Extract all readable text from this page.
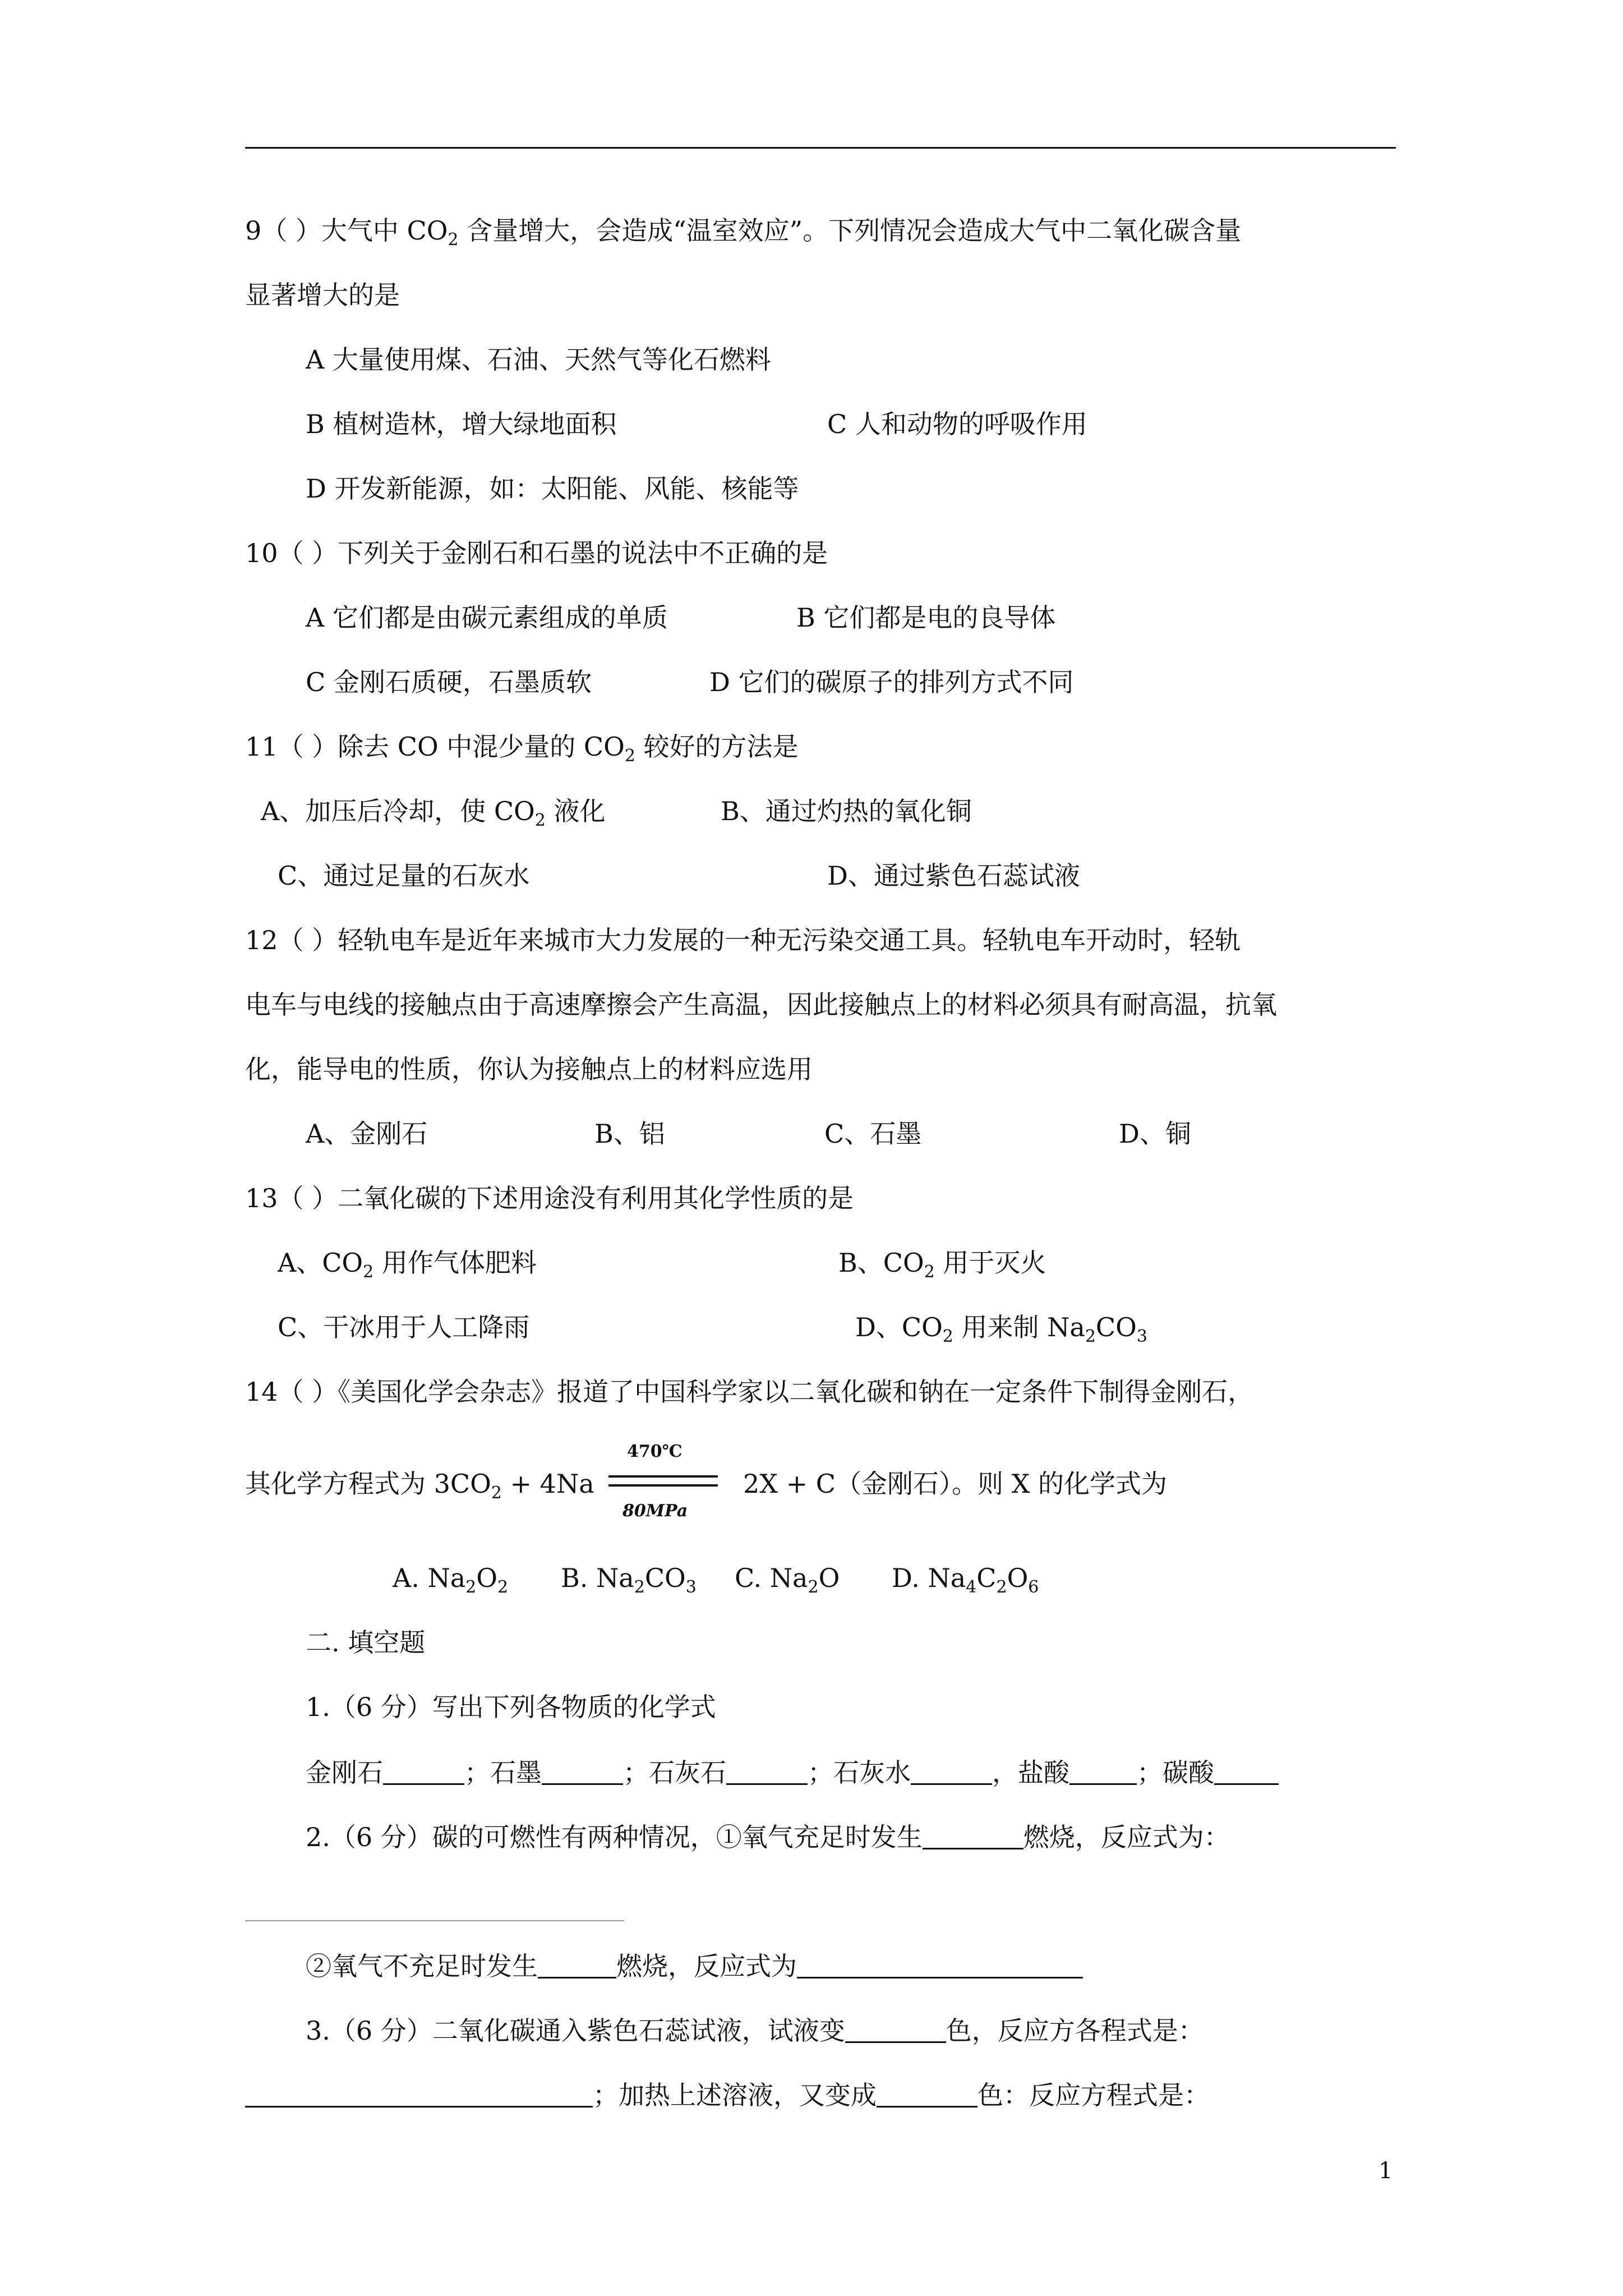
9（ ）大气中 $CO_2$ 含量增大，会造成“温室效应”。下列情况会造成大气中二氧化碳含量
显著增大的是
A 大量使用煤、石油、天然气等化石燃料
B 植树造林，增大绿地面积	C 人和动物的呼吸作用
D 开发新能源，如：太阳能、风能、核能等
10（ ）下列关于金刚石和石墨的说法中不正确的是
A 它们都是由碳元素组成的单质	B 它们都是电的良导体
C 金刚石质硬，石墨质软	D 它们的碳原子的排列方式不同
11（ ）除去 CO 中混少量的 $CO_2$ 较好的方法是
A、加压后冷却，使 $CO_2$ 液化	B、通过灼热的氧化铜
C、通过足量的石灰水	D、通过紫色石蕊试液
12（ ）轻轨电车是近年来城市大力发展的一种无污染交通工具。轻轨电车开动时，轻轨
电车与电线的接触点由于高速摩擦会产生高温，因此接触点上的材料必须具有耐高温，抗氧
化，能导电的性质，你认为接触点上的材料应选用
A、金刚石	B、铝	C、石墨	D、铜
13（ ）二氧化碳的下述用途没有利用其化学性质的是
A、$CO_2$ 用作气体肥料	B、$CO_2$ 用于灭火
C、干冰用于人工降雨	D、$CO_2$ 用来制 $Na_2CO_3$
14（ ）《美国化学会杂志》报道了中国科学家以二氧化碳和钠在一定条件下制得金刚石，
其化学方程式为 $3CO_2 + 4Na$
470℃
80MPa
2X + C（金刚石）。则 X 的化学式为
A. $Na_2O_2$ B. $Na_2CO_3$ C. $Na_2O$ D. $Na_4C_2O_6$
二. 填空题
1.（6 分）写出下列各物质的化学式
金刚石	；石墨	；石灰石	；石灰水	，盐酸	；碳酸
2.（6 分）碳的可燃性有两种情况，①氧气充足时发生	燃烧，反应式为：
②氧气不充足时发生	燃烧，反应式为
3.（6 分）二氧化碳通入紫色石蕊试液，试液变	色，反应方各程式是：
；加热上述溶液，又变成	色：反应方程式是：
1
